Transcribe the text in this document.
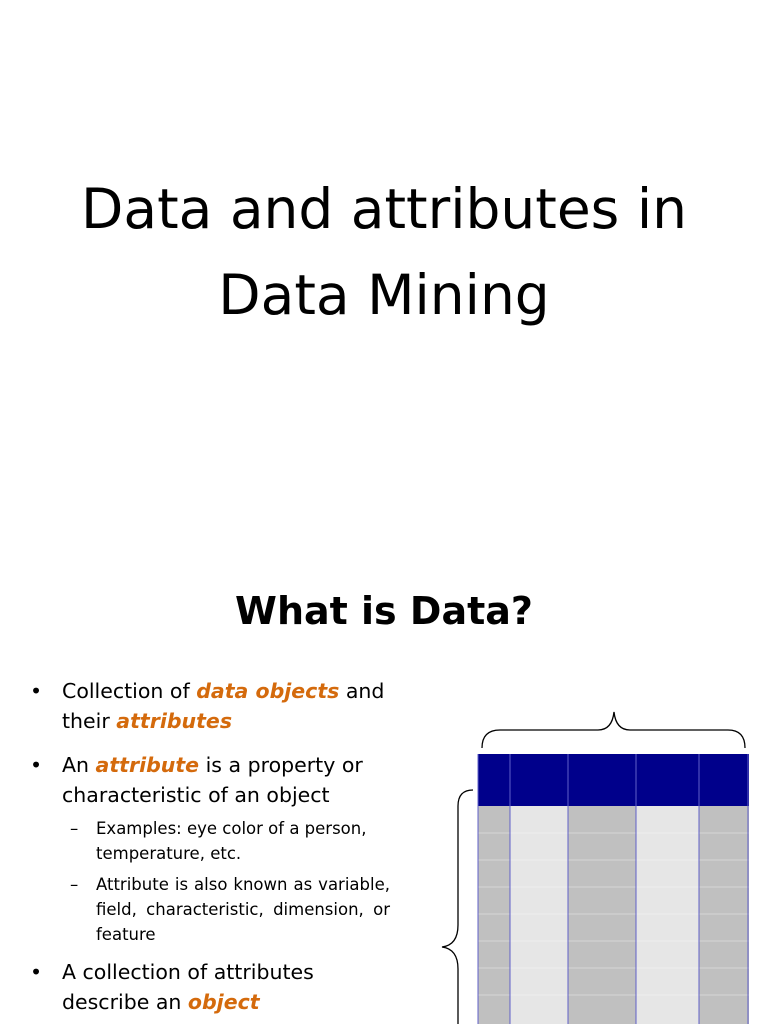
Data and attributes in
Data Mining
What is Data?
• Collection of data objects and their attributes
• An attribute is a property or characteristic of an object
– Examples: eye color of a person, temperature, etc.
– Attribute is also known as variable, field, characteristic, dimension, or feature
• A collection of attributes describe an object
